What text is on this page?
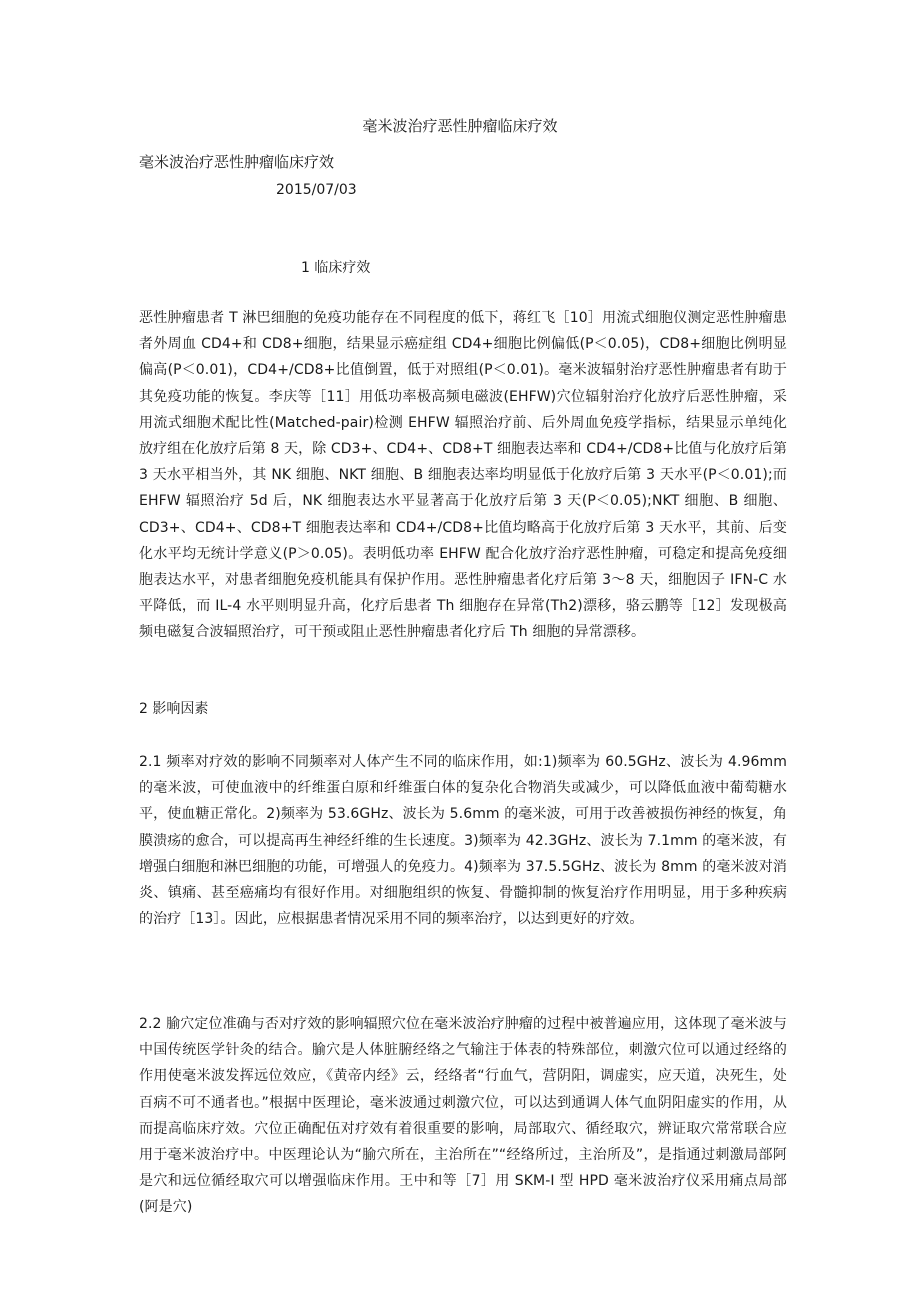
毫米波治疗恶性肿瘤临床疗效
毫米波治疗恶性肿瘤临床疗效
2015/07/03
1 临床疗效
恶性肿瘤患者 T 淋巴细胞的免疫功能存在不同程度的低下，蒋红飞［10］用流式细胞仪测定恶性肿瘤患者外周血 CD4+和 CD8+细胞，结果显示癌症组 CD4+细胞比例偏低(P＜0.05)，CD8+细胞比例明显偏高(P＜0.01)，CD4+/CD8+比值倒置，低于对照组(P＜0.01)。毫米波辐射治疗恶性肿瘤患者有助于其免疫功能的恢复。李庆等［11］用低功率极高频电磁波(EHFW)穴位辐射治疗化放疗后恶性肿瘤，采用流式细胞术配比性(Matched-pair)检测 EHFW 辐照治疗前、后外周血免疫学指标，结果显示单纯化放疗组在化放疗后第 8 天，除 CD3+、CD4+、CD8+T 细胞表达率和 CD4+/CD8+比值与化放疗后第 3 天水平相当外，其 NK 细胞、NKT 细胞、B 细胞表达率均明显低于化放疗后第 3 天水平(P＜0.01);而 EHFW 辐照治疗 5d 后，NK 细胞表达水平显著高于化放疗后第 3 天(P＜0.05);NKT 细胞、B 细胞、CD3+、CD4+、CD8+T 细胞表达率和 CD4+/CD8+比值均略高于化放疗后第 3 天水平，其前、后变化水平均无统计学意义(P＞0.05)。表明低功率 EHFW 配合化放疗治疗恶性肿瘤，可稳定和提高免疫细胞表达水平，对患者细胞免疫机能具有保护作用。恶性肿瘤患者化疗后第 3～8 天，细胞因子 IFN-C 水平降低，而 IL-4 水平则明显升高，化疗后患者 Th 细胞存在异常(Th2)漂移，骆云鹏等［12］发现极高频电磁复合波辐照治疗，可干预或阻止恶性肿瘤患者化疗后 Th 细胞的异常漂移。
2 影响因素
2.1 频率对疗效的影响不同频率对人体产生不同的临床作用，如:1)频率为 60.5GHz、波长为 4.96mm 的毫米波，可使血液中的纤维蛋白原和纤维蛋白体的复杂化合物消失或减少，可以降低血液中葡萄糖水平，使血糖正常化。2)频率为 53.6GHz、波长为 5.6mm 的毫米波，可用于改善被损伤神经的恢复，角膜溃疡的愈合，可以提高再生神经纤维的生长速度。3)频率为 42.3GHz、波长为 7.1mm 的毫米波，有增强白细胞和淋巴细胞的功能，可增强人的免疫力。4)频率为 37.5.5GHz、波长为 8mm 的毫米波对消炎、镇痛、甚至癌痛均有很好作用。对细胞组织的恢复、骨髓抑制的恢复治疗作用明显，用于多种疾病的治疗［13］。因此，应根据患者情况采用不同的频率治疗，以达到更好的疗效。
2.2 腧穴定位准确与否对疗效的影响辐照穴位在毫米波治疗肿瘤的过程中被普遍应用，这体现了毫米波与中国传统医学针灸的结合。腧穴是人体脏腑经络之气输注于体表的特殊部位，刺激穴位可以通过经络的作用使毫米波发挥远位效应，《黄帝内经》云，经络者“行血气，营阴阳，调虚实，应天道，决死生，处百病不可不通者也。”根据中医理论，毫米波通过刺激穴位，可以达到通调人体气血阴阳虚实的作用，从而提高临床疗效。穴位正确配伍对疗效有着很重要的影响，局部取穴、循经取穴，辨证取穴常常联合应用于毫米波治疗中。中医理论认为“腧穴所在，主治所在”“经络所过，主治所及”，是指通过刺激局部阿是穴和远位循经取穴可以增强临床作用。王中和等［7］用 SKM-I 型 HPD 毫米波治疗仪采用痛点局部(阿是穴)
